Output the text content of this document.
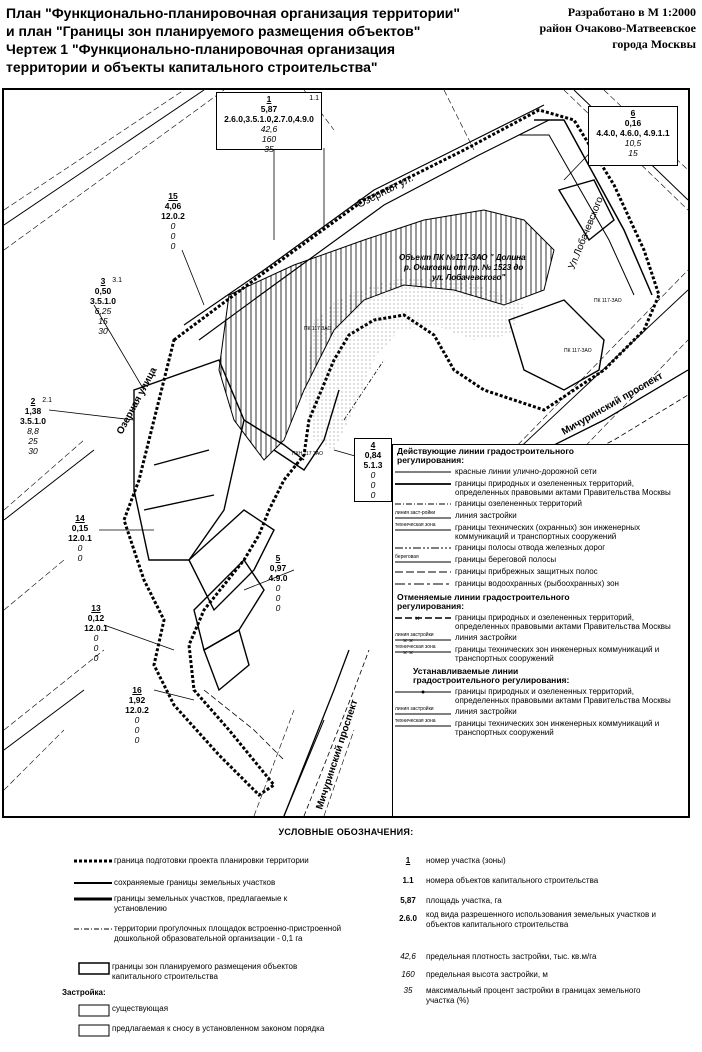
План "Функционально-планировочная организация территории"
и план "Границы зон планируемого размещения объектов"
Чертеж 1 "Функционально-планировочная организация
территории и объекты капитального строительства"
Разработано в М 1:2000
район Очаково-Матвеевское
города Москвы
Озерная ул.
Озерная улица
Ул.Лобачевского
Мичуринский проспект
Мичуринский проспект
Объект ПК №117-ЗАО " Долина
р. Очаковки от пр. № 1523 до
ул. Лобачевского"
ПК 117 ЗАО
ПКН 117 ЗАО
ПК 117-ЗАО
ПК 117-ЗАО
1.1
1
5,87
2.6.0,3.5.1.0,2.7.0,4.9.0
42,6
160
35
6
0,16
4.4.0, 4.6.0, 4.9.1.1
10,5
15
15
4,06
12.0.2
0
0
0
3.1
3
0,50
3.5.1.0
6,25
15
30
2.1
2
1,38
3.5.1.0
8,8
25
30
4
0,84
5.1.3
0
0
0
14
0,15
12.0.1
0
0	5
0,97
4.9.0
0
0
0
13
0,12
12.0.1
0
0
0
16
1,92
12.0.2
0
0
0
Действующие линии градостроительного
регулирования:
красные линии улично-дорожной сети
границы природных и озелененных территорий, определенных правовыми актами Правительства Москвы
границы озелененных территорий
линия заст-ройки линия застройки
техническая зона границы технических (охранных) зон инженерных коммуникаций и транспортных сооружений
границы полосы отвода железных дорог
береговая	границы береговой полосы
границы прибрежных защитных полос
границы водоохранных (рыбоохранных) зон
Отменяемые линии градостроительного
регулирования:
×	границы природных и озелененных территорий, определенных правовыми актами Правительства Москвы
линия застройки
× ×	линия застройки
техническая зона
× ×	границы технических зон инженерных коммуникаций и транспортных сооружений
Устанавливаемые линии
градостроительного регулирования:
границы природных и озелененных территорий, определенных правовыми актами Правительства Москвы
линия застройки	линия застройки
техническая зона границы технических зон инженерных коммуникаций и транспортных сооружений
УСЛОВНЫЕ ОБОЗНАЧЕНИЯ:
граница подготовки проекта планировки территории
сохраняемые границы земельных участков
границы земельных участков, предлагаемые к установлению
территории прогулочных площадок встроенно-пристроенной дошкольной образовательной организации - 0,1 га
границы зон планируемого размещения объектов капитального строительства
Застройка:
существующая
предлагаемая к сносу в установленном законом порядка
1	номер участка (зоны)
1.1	номера объектов капитального строительства
5,87	площадь участка, га
2.6.0	код вида разрешенного использования земельных участков и объектов капитального строительства
42,6	предельная плотность застройки, тыс. кв.м/га
160	предельная высота застройки, м
35	максимальный процент застройки в границах земельного участка (%)
